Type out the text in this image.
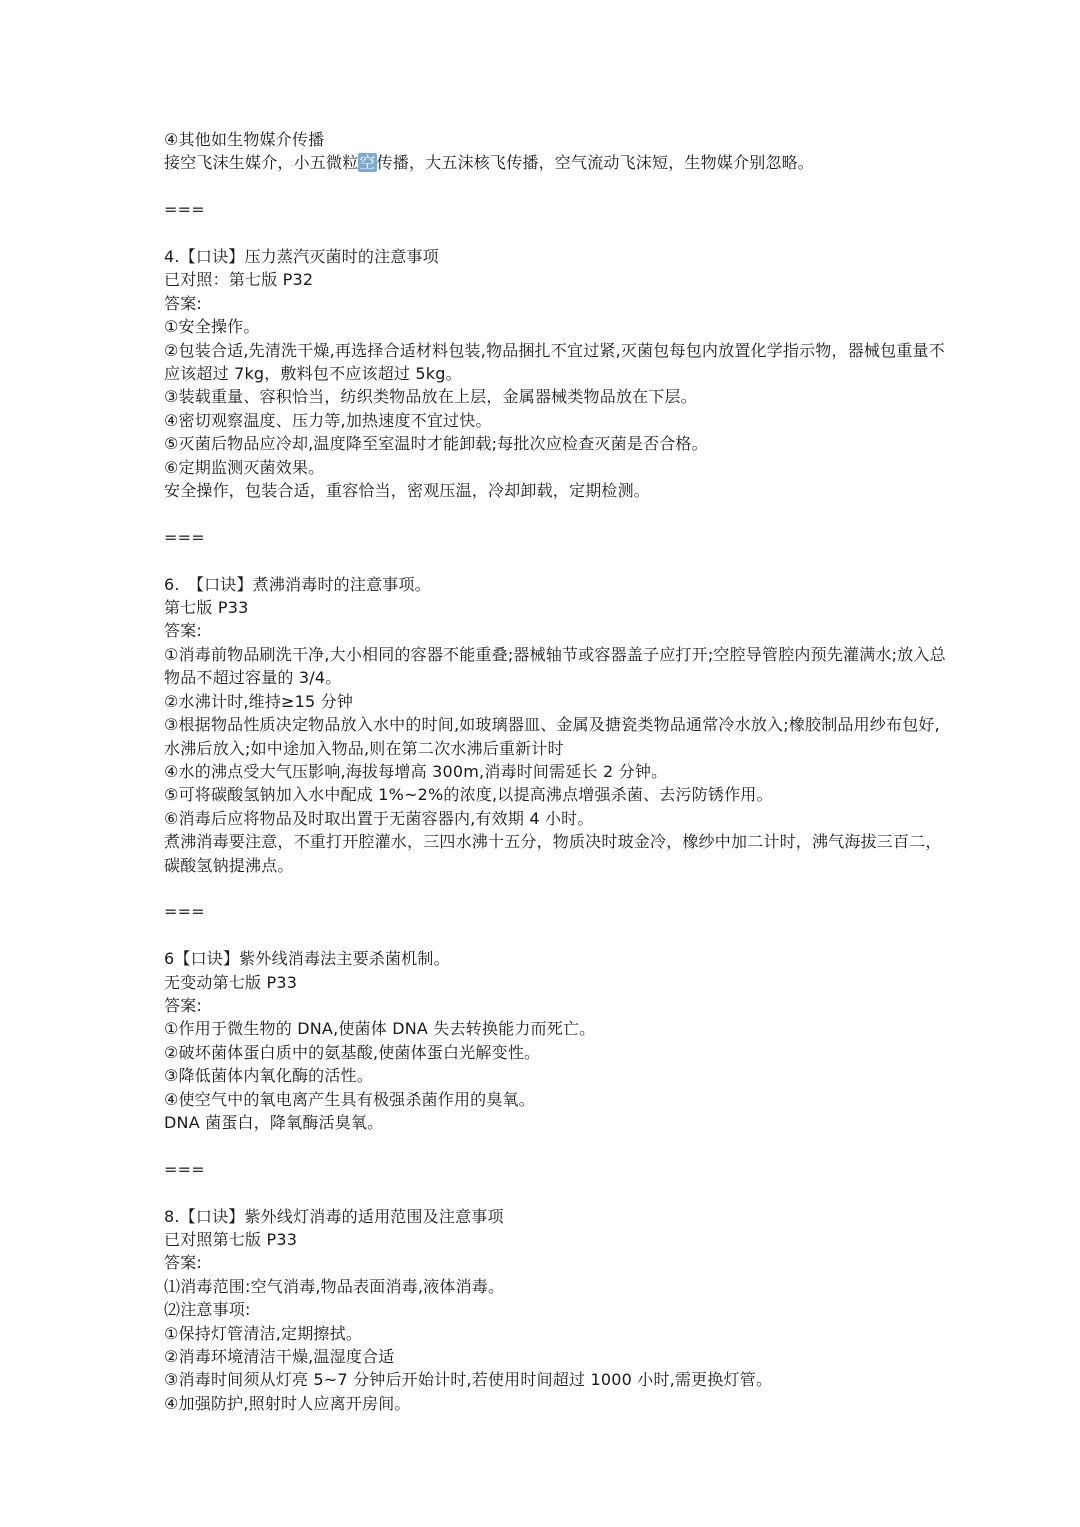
④其他如生物媒介传播

接空飞沫生媒介，小五微粒空传播，大五沫核飞传播，空气流动飞沫短，生物媒介别忽略。

===

4.【口诀】压力蒸汽灭菌时的注意事项

已对照：第七版 P32

答案:

①安全操作。

②包装合适,先清洗干燥,再选择合适材料包装,物品捆扎不宜过紧,灭菌包每包内放置化学指示物，器械包重量不应该超过 7kg，敷料包不应该超过 5kg。

③装载重量、容积恰当，纺织类物品放在上层，金属器械类物品放在下层。

④密切观察温度、压力等,加热速度不宜过快。

⑤灭菌后物品应冷却,温度降至室温时才能卸载;每批次应检查灭菌是否合格。

⑥定期监测灭菌效果。

安全操作，包装合适，重容恰当，密观压温，冷却卸载，定期检测。

===

6.　【口诀】煮沸消毒时的注意事项。

第七版 P33

答案:

①消毒前物品刷洗干净,大小相同的容器不能重叠;器械轴节或容器盖子应打开;空腔导管腔内预先灌满水;放入总物品不超过容量的 3/4。

②水沸计时,维持≥15 分钟

③根据物品性质决定物品放入水中的时间,如玻璃器皿、金属及搪瓷类物品通常冷水放入;橡胶制品用纱布包好,水沸后放入;如中途加入物品,则在第二次水沸后重新计时

④水的沸点受大气压影响,海拔每增高 300m,消毒时间需延长 2 分钟。

⑤可将碳酸氢钠加入水中配成 1%~2%的浓度,以提高沸点增强杀菌、去污防锈作用。

⑥消毒后应将物品及时取出置于无菌容器内,有效期 4 小时。

煮沸消毒要注意，不重打开腔灌水，三四水沸十五分，物质决时玻金冷，橡纱中加二计时，沸气海拔三百二，碳酸氢钠提沸点。

===

6【口诀】紫外线消毒法主要杀菌机制。

无变动第七版 P33

答案:

①作用于微生物的 DNA,使菌体 DNA 失去转换能力而死亡。

②破坏菌体蛋白质中的氨基酸,使菌体蛋白光解变性。

③降低菌体内氧化酶的活性。

④使空气中的氧电离产生具有极强杀菌作用的臭氧。

DNA 菌蛋白，降氧酶活臭氧。

===

8.【口诀】紫外线灯消毒的适用范围及注意事项

已对照第七版 P33

答案:

⑴消毒范围:空气消毒,物品表面消毒,液体消毒。

⑵注意事项:

①保持灯管清洁,定期擦拭。

②消毒环境清洁干燥,温湿度合适

③消毒时间须从灯亮 5~7 分钟后开始计时,若使用时间超过 1000 小时,需更换灯管。

④加强防护,照射时人应离开房间。
